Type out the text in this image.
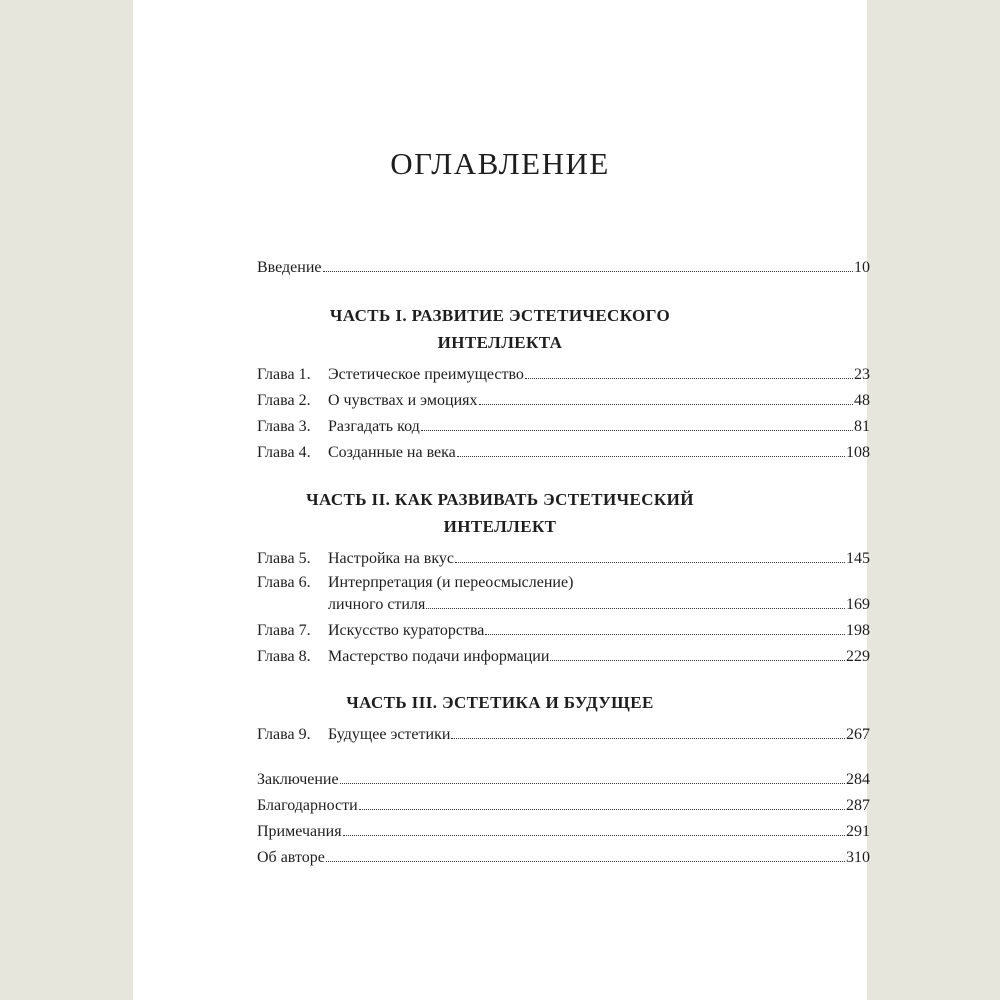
ОГЛАВЛЕНИЕ
Введение	10

ЧАСТЬ I. РАЗВИТИЕ ЭСТЕТИЧЕСКОГО

ИНТЕЛЛЕКТА

Глава 1.	Эстетическое преимущество	23
Глава 2.	О чувствах и эмоциях	48
Глава 3.	Разгадать код	81
Глава 4.	Созданные на века	108

ЧАСТЬ II. КАК РАЗВИВАТЬ ЭСТЕТИЧЕСКИЙ

ИНТЕЛЛЕКТ

Глава 5.	Настройка на вкус	145
Глава 6. Интерпретация (и переосмысление)
личного стиля	169
Глава 7.	Искусство кураторства	198
Глава 8.	Мастерство подачи информации	229

ЧАСТЬ III. ЭСТЕТИКА И БУДУЩЕЕ

Глава 9.	Будущее эстетики	267
Заключение	284
Благодарности	287
Примечания	291
Об авторе	310
